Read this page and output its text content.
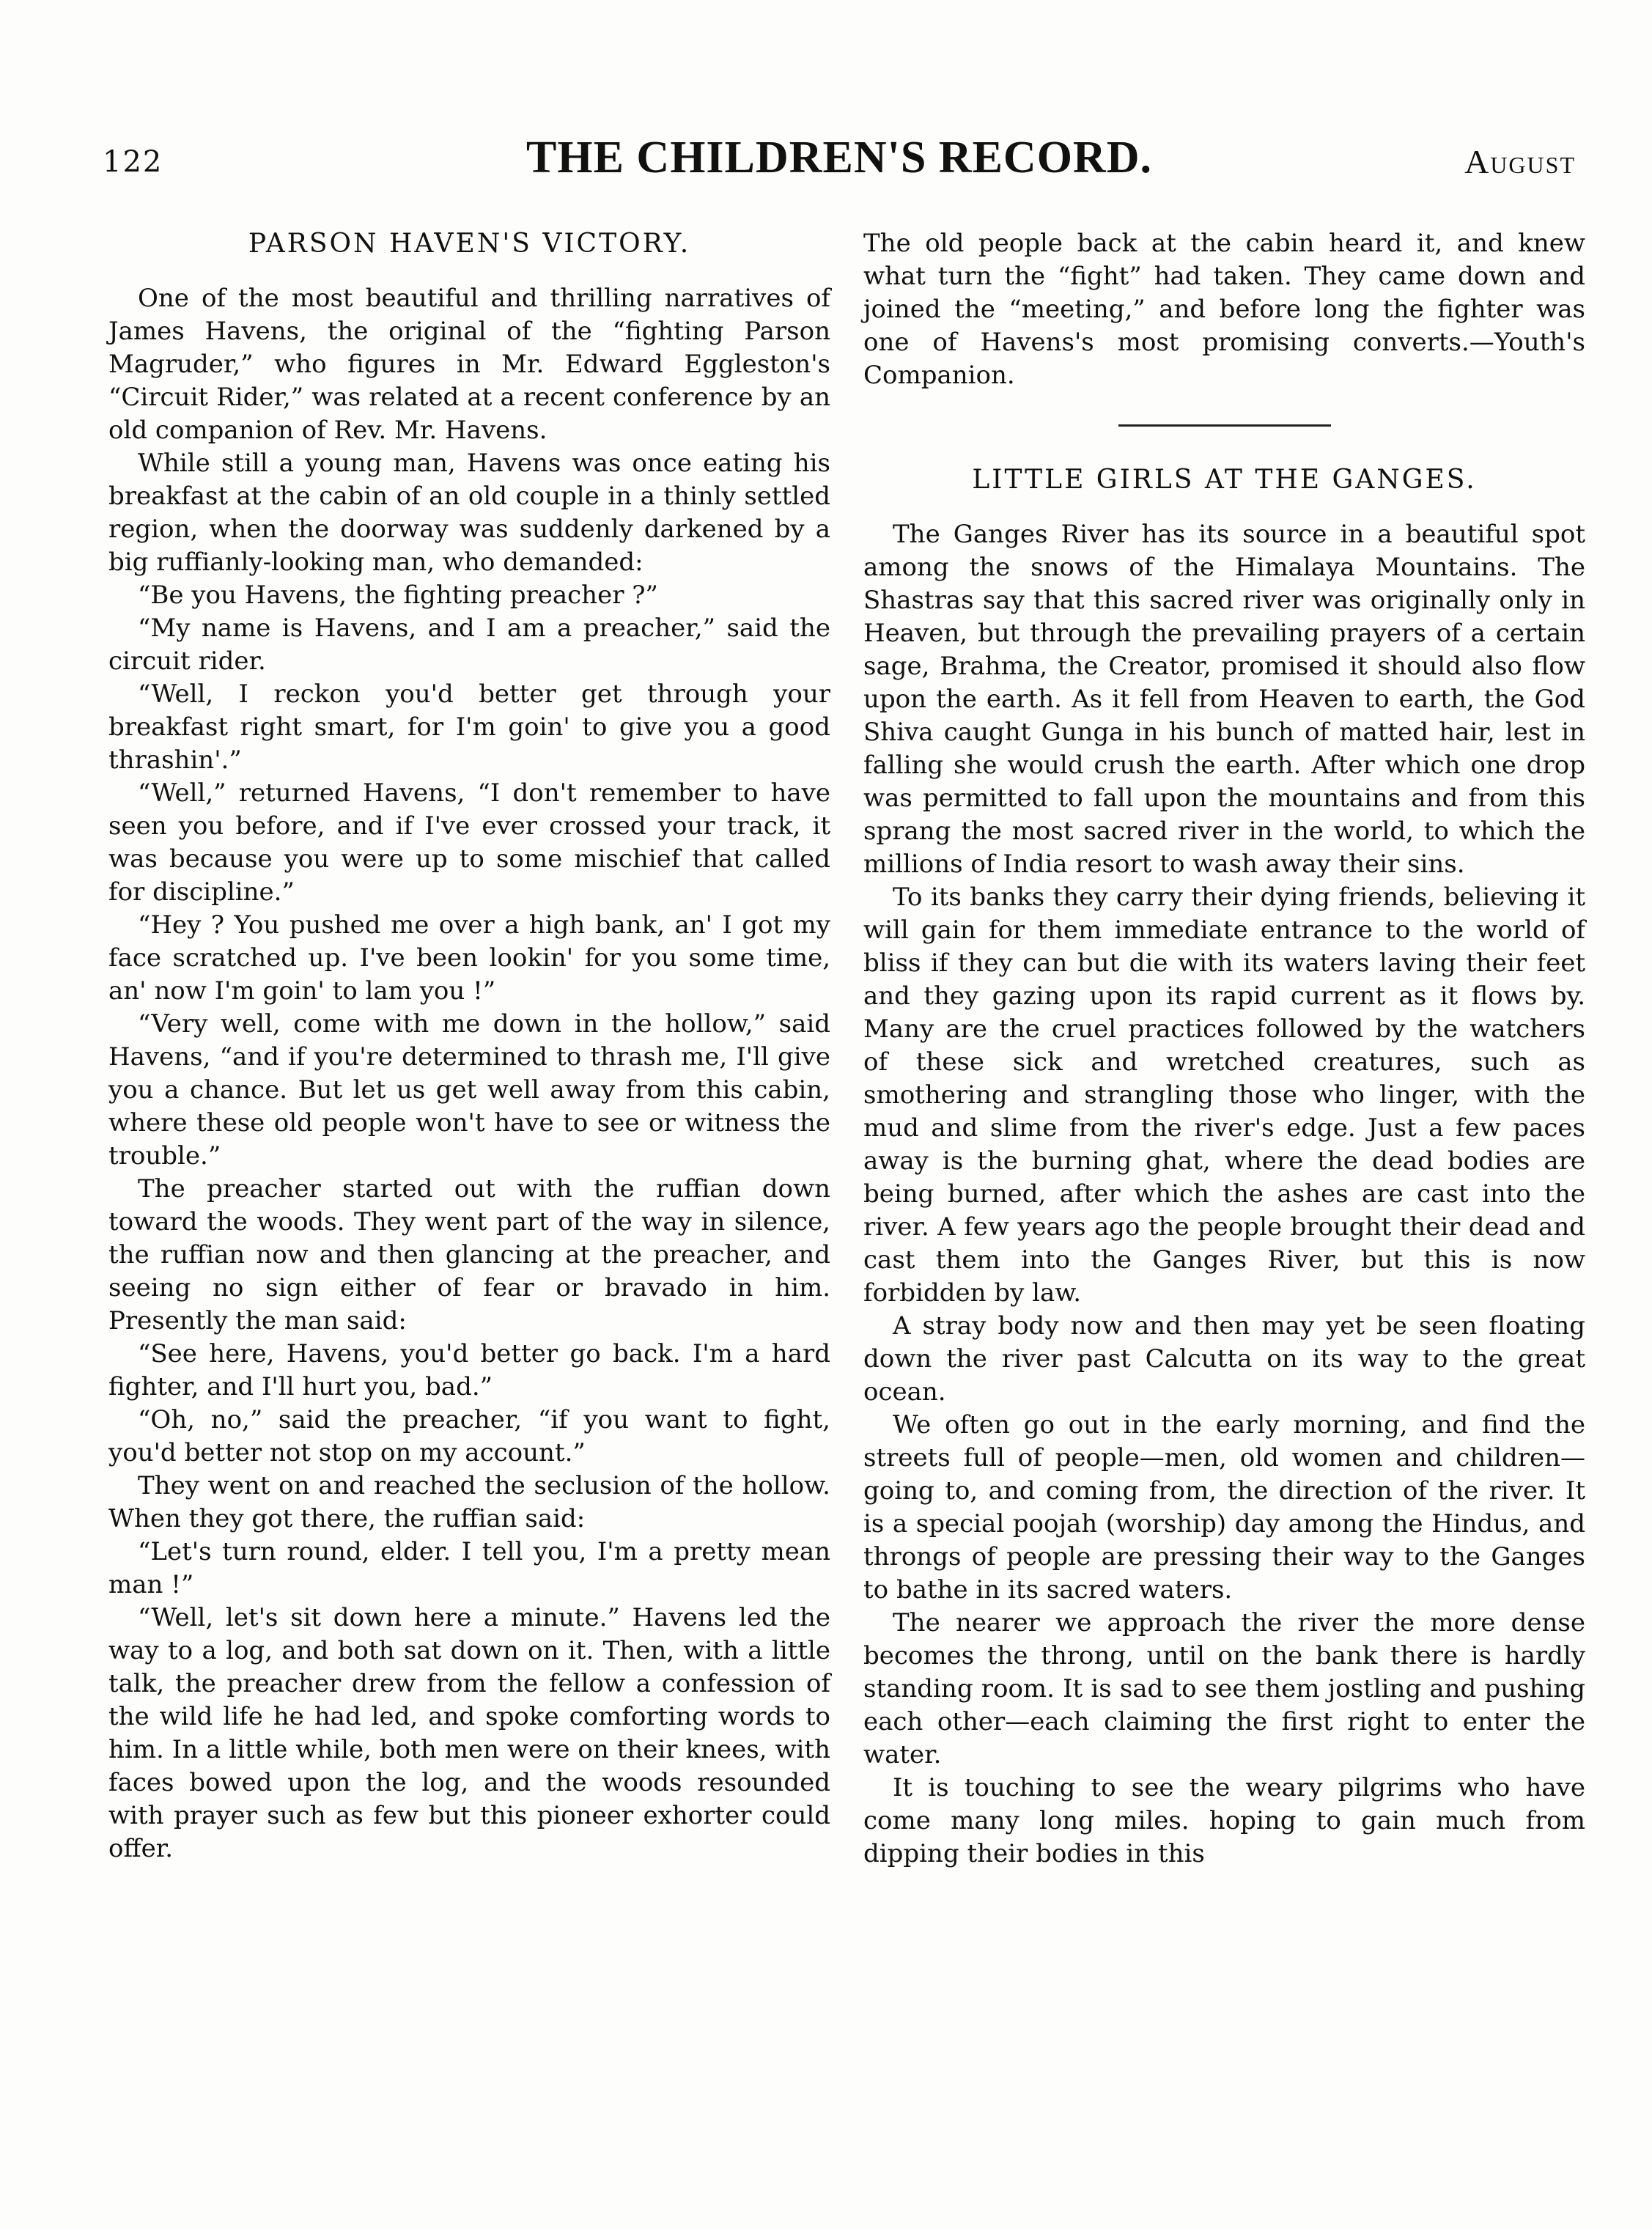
122	THE CHILDREN'S RECORD.	August
PARSON HAVEN'S VICTORY.

One of the most beautiful and thrilling narratives of James Havens, the original of the “fighting Parson Magruder,” who figures in Mr. Edward Eggleston's “Circuit Rider,” was related at a recent conference by an old companion of Rev. Mr. Havens.

While still a young man, Havens was once eating his breakfast at the cabin of an old couple in a thinly settled region, when the doorway was suddenly darkened by a big ruffianly-looking man, who demanded:

“Be you Havens, the fighting preacher ?”

“My name is Havens, and I am a preacher,” said the circuit rider.

“Well, I reckon you'd better get through your breakfast right smart, for I'm goin' to give you a good thrashin'.”

“Well,” returned Havens, “I don't remember to have seen you before, and if I've ever crossed your track, it was because you were up to some mischief that called for discipline.”

“Hey ? You pushed me over a high bank, an' I got my face scratched up. I've been lookin' for you some time, an' now I'm goin' to lam you !”

“Very well, come with me down in the hollow,” said Havens, “and if you're determined to thrash me, I'll give you a chance. But let us get well away from this cabin, where these old people won't have to see or witness the trouble.”

The preacher started out with the ruffian down toward the woods. They went part of the way in silence, the ruffian now and then glancing at the preacher, and seeing no sign either of fear or bravado in him. Presently the man said:

“See here, Havens, you'd better go back. I'm a hard fighter, and I'll hurt you, bad.”

“Oh, no,” said the preacher, “if you want to fight, you'd better not stop on my account.”

They went on and reached the seclusion of the hollow. When they got there, the ruffian said:

“Let's turn round, elder. I tell you, I'm a pretty mean man !”

“Well, let's sit down here a minute.” Havens led the way to a log, and both sat down on it. Then, with a little talk, the preacher drew from the fellow a confession of the wild life he had led, and spoke comforting words to him. In a little while, both men were on their knees, with faces bowed upon the log, and the woods resounded with prayer such as few but this pioneer exhorter could offer.

The old people back at the cabin heard it, and knew what turn the “fight” had taken. They came down and joined the “meeting,” and before long the fighter was one of Havens's most promising converts.—Youth's Companion.

LITTLE GIRLS AT THE GANGES.

The Ganges River has its source in a beautiful spot among the snows of the Himalaya Mountains. The Shastras say that this sacred river was originally only in Heaven, but through the prevailing prayers of a certain sage, Brahma, the Creator, promised it should also flow upon the earth. As it fell from Heaven to earth, the God Shiva caught Gunga in his bunch of matted hair, lest in falling she would crush the earth. After which one drop was permitted to fall upon the mountains and from this sprang the most sacred river in the world, to which the millions of India resort to wash away their sins.

To its banks they carry their dying friends, believing it will gain for them immediate entrance to the world of bliss if they can but die with its waters laving their feet and they gazing upon its rapid current as it flows by. Many are the cruel practices followed by the watchers of these sick and wretched creatures, such as smothering and strangling those who linger, with the mud and slime from the river's edge. Just a few paces away is the burning ghat, where the dead bodies are being burned, after which the ashes are cast into the river. A few years ago the people brought their dead and cast them into the Ganges River, but this is now forbidden by law.

A stray body now and then may yet be seen floating down the river past Calcutta on its way to the great ocean.

We often go out in the early morning, and find the streets full of people—men, old women and children—going to, and coming from, the direction of the river. It is a special poojah (worship) day among the Hindus, and throngs of people are pressing their way to the Ganges to bathe in its sacred waters.

The nearer we approach the river the more dense becomes the throng, until on the bank there is hardly standing room. It is sad to see them jostling and pushing each other—each claiming the first right to enter the water.

It is touching to see the weary pilgrims who have come many long miles. hoping to gain much from dipping their bodies in this
